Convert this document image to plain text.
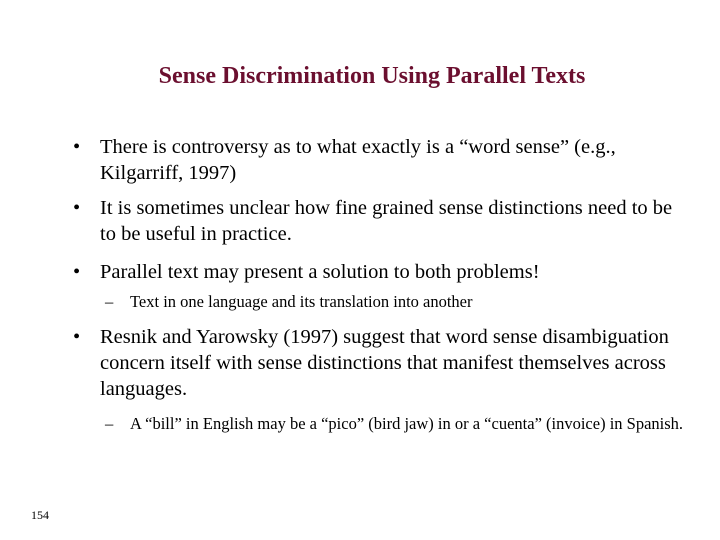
Sense Discrimination Using Parallel Texts
• There is controversy as to what exactly is a “word sense” (e.g., Kilgarriff, 1997)
• It is sometimes unclear how fine grained sense distinctions need to be to be useful in practice.
• Parallel text may present a solution to both problems!
– Text in one language and its translation into another
• Resnik and Yarowsky (1997) suggest that word sense disambiguation concern itself with sense distinctions that manifest themselves across languages.
– A “bill” in English may be a “pico” (bird jaw) in or a “cuenta” (invoice) in Spanish.
154
